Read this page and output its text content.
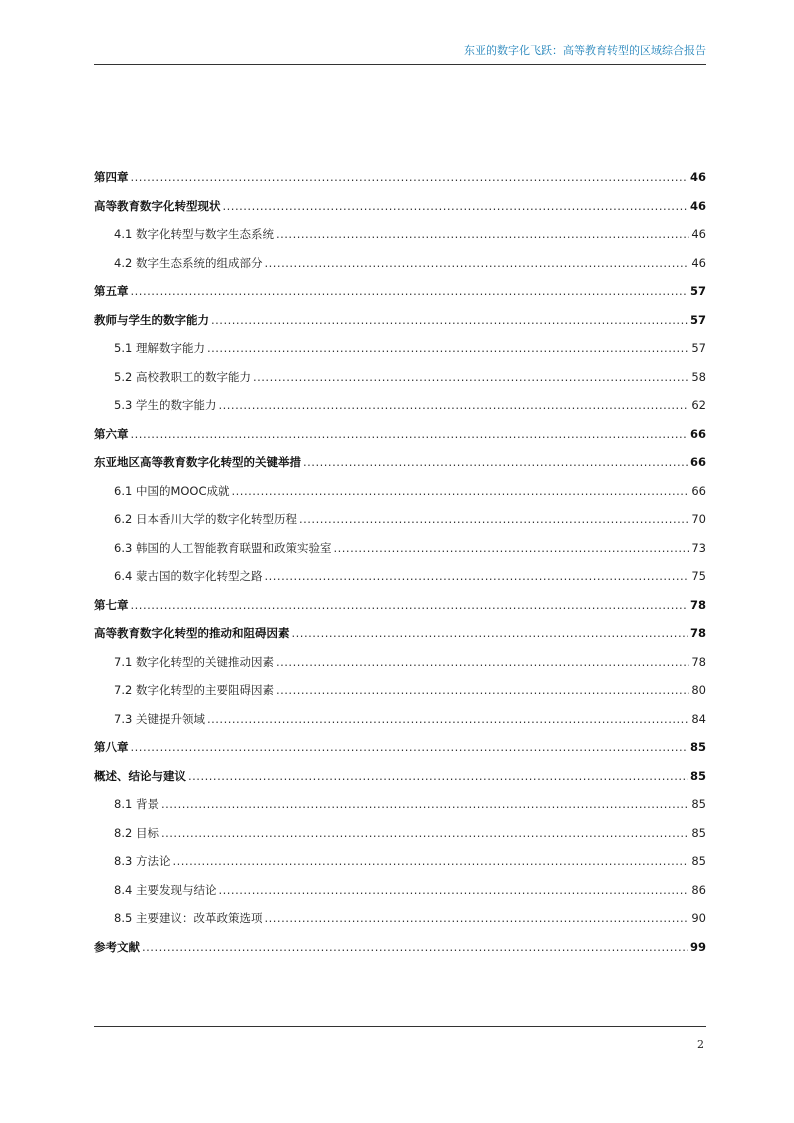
东亚的数字化飞跃：高等教育转型的区域综合报告
第四章 .....	46
高等教育数字化转型现状 .....	46
4.1 数字化转型与数字生态系统 .....	46
4.2 数字生态系统的组成部分 .....	46
第五章 .....	57
教师与学生的数字能力 .....	57
5.1 理解数字能力 .....	57
5.2 高校教职工的数字能力 .....	58
5.3 学生的数字能力 .....	62
第六章 .....	66
东亚地区高等教育数字化转型的关键举措 .....	66
6.1 中国的MOOC成就 .....	66
6.2 日本香川大学的数字化转型历程 .....	70
6.3 韩国的人工智能教育联盟和政策实验室 .....	73
6.4 蒙古国的数字化转型之路 .....	75
第七章 .....	78
高等教育数字化转型的推动和阻碍因素 .....	78
7.1 数字化转型的关键推动因素 .....	78
7.2 数字化转型的主要阻碍因素 .....	80
7.3 关键提升领域 .....	84
第八章 .....	85
概述、结论与建议 .....	85
8.1 背景 .....	85
8.2 目标 .....	85
8.3 方法论 .....	85
8.4 主要发现与结论 .....	86
8.5 主要建议：改革政策选项 .....	90
参考文献 .....	99
2
